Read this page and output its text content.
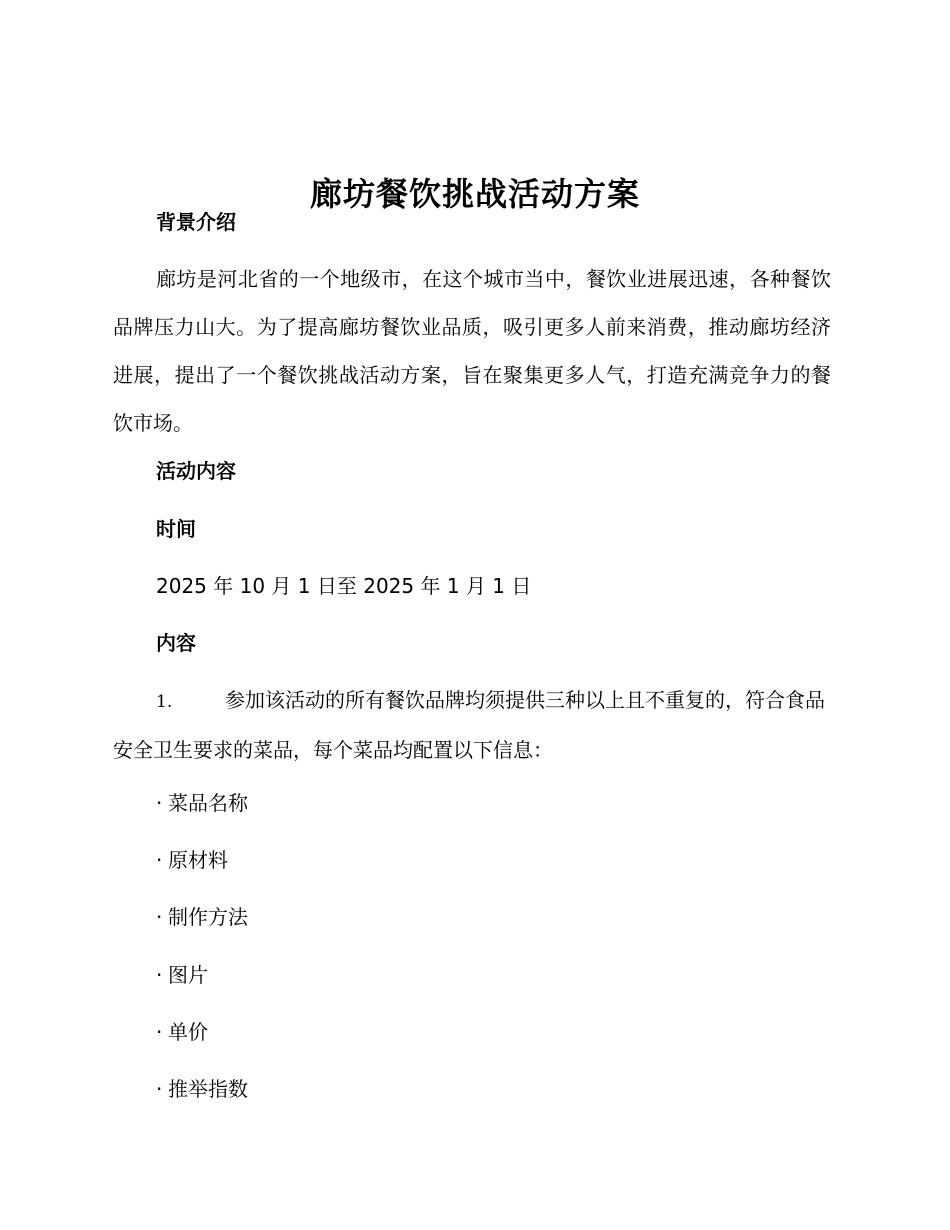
廊坊餐饮挑战活动方案
背景介绍

廊坊是河北省的一个地级市，在这个城市当中，餐饮业进展迅速，各种餐饮品牌压力山大。为了提高廊坊餐饮业品质，吸引更多人前来消费，推动廊坊经济进展，提出了一个餐饮挑战活动方案，旨在聚集更多人气，打造充满竞争力的餐饮市场。

活动内容
时间

2025 年 10 月 1 日至 2025 年 1 月 1 日

内容

1.	参加该活动的所有餐饮品牌均须提供三种以上且不重复的，符合食品安全卫生要求的菜品，每个菜品均配置以下信息：

· 菜品名称

· 原材料

· 制作方法

· 图片

· 单价

· 推举指数
